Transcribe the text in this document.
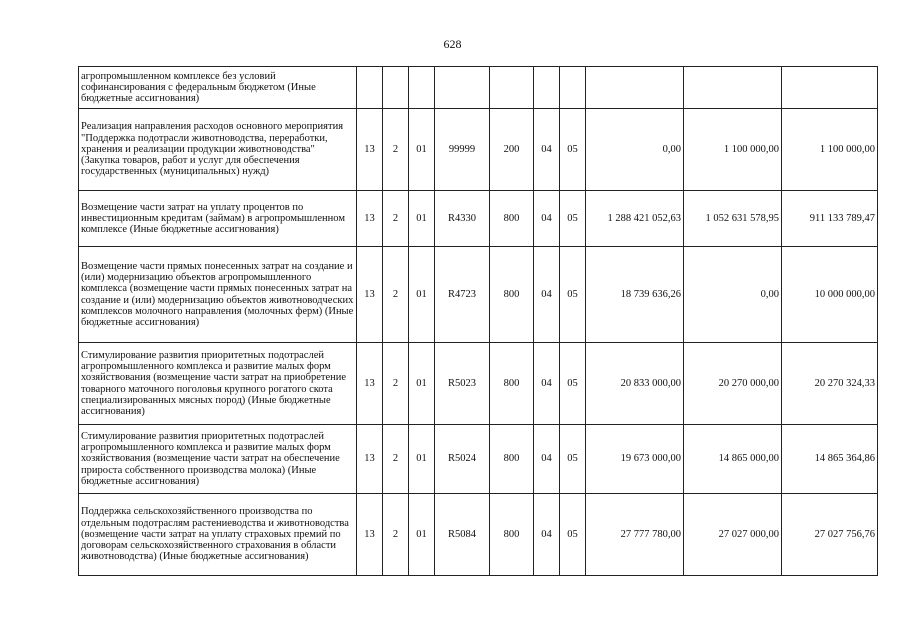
628
агропромышленном комплексе без условий софинансирования с федеральным бюджетом (Иные бюджетные ассигнования)										
Реализация направления расходов основного мероприятия "Поддержка подотрасли животноводства, переработки, хранения и реализации продукции животноводства" (Закупка товаров, работ и услуг для обеспечения государственных (муниципальных) нужд)	13	2	01	99999	200	04	05	0,00	1 100 000,00	1 100 000,00
Возмещение части затрат на уплату процентов по инвестиционным кредитам (займам) в агропромышленном комплексе (Иные бюджетные ассигнования)	13	2	01	R4330	800	04	05	1 288 421 052,63	1 052 631 578,95	911 133 789,47
Возмещение части прямых понесенных затрат на создание и (или) модернизацию объектов агропромышленного комплекса (возмещение части прямых понесенных затрат на создание и (или) модернизацию объектов животноводческих комплексов молочного направления (молочных ферм) (Иные бюджетные ассигнования)	13	2	01	R4723	800	04	05	18 739 636,26	0,00	10 000 000,00
Стимулирование развития приоритетных подотраслей агропромышленного комплекса и развитие малых форм хозяйствования (возмещение части затрат на приобретение товарного маточного поголовья крупного рогатого скота специализированных мясных пород) (Иные бюджетные ассигнования)	13	2	01	R5023	800	04	05	20 833 000,00	20 270 000,00	20 270 324,33
Стимулирование развития приоритетных подотраслей агропромышленного комплекса и развитие малых форм хозяйствования (возмещение части затрат на обеспечение прироста собственного производства молока) (Иные бюджетные ассигнования)	13	2	01	R5024	800	04	05	19 673 000,00	14 865 000,00	14 865 364,86
Поддержка сельскохозяйственного производства по отдельным подотраслям растениеводства и животноводства (возмещение части затрат на уплату страховых премий по договорам сельскохозяйственного страхования в области животноводства) (Иные бюджетные ассигнования)	13	2	01	R5084	800	04	05	27 777 780,00	27 027 000,00	27 027 756,76
